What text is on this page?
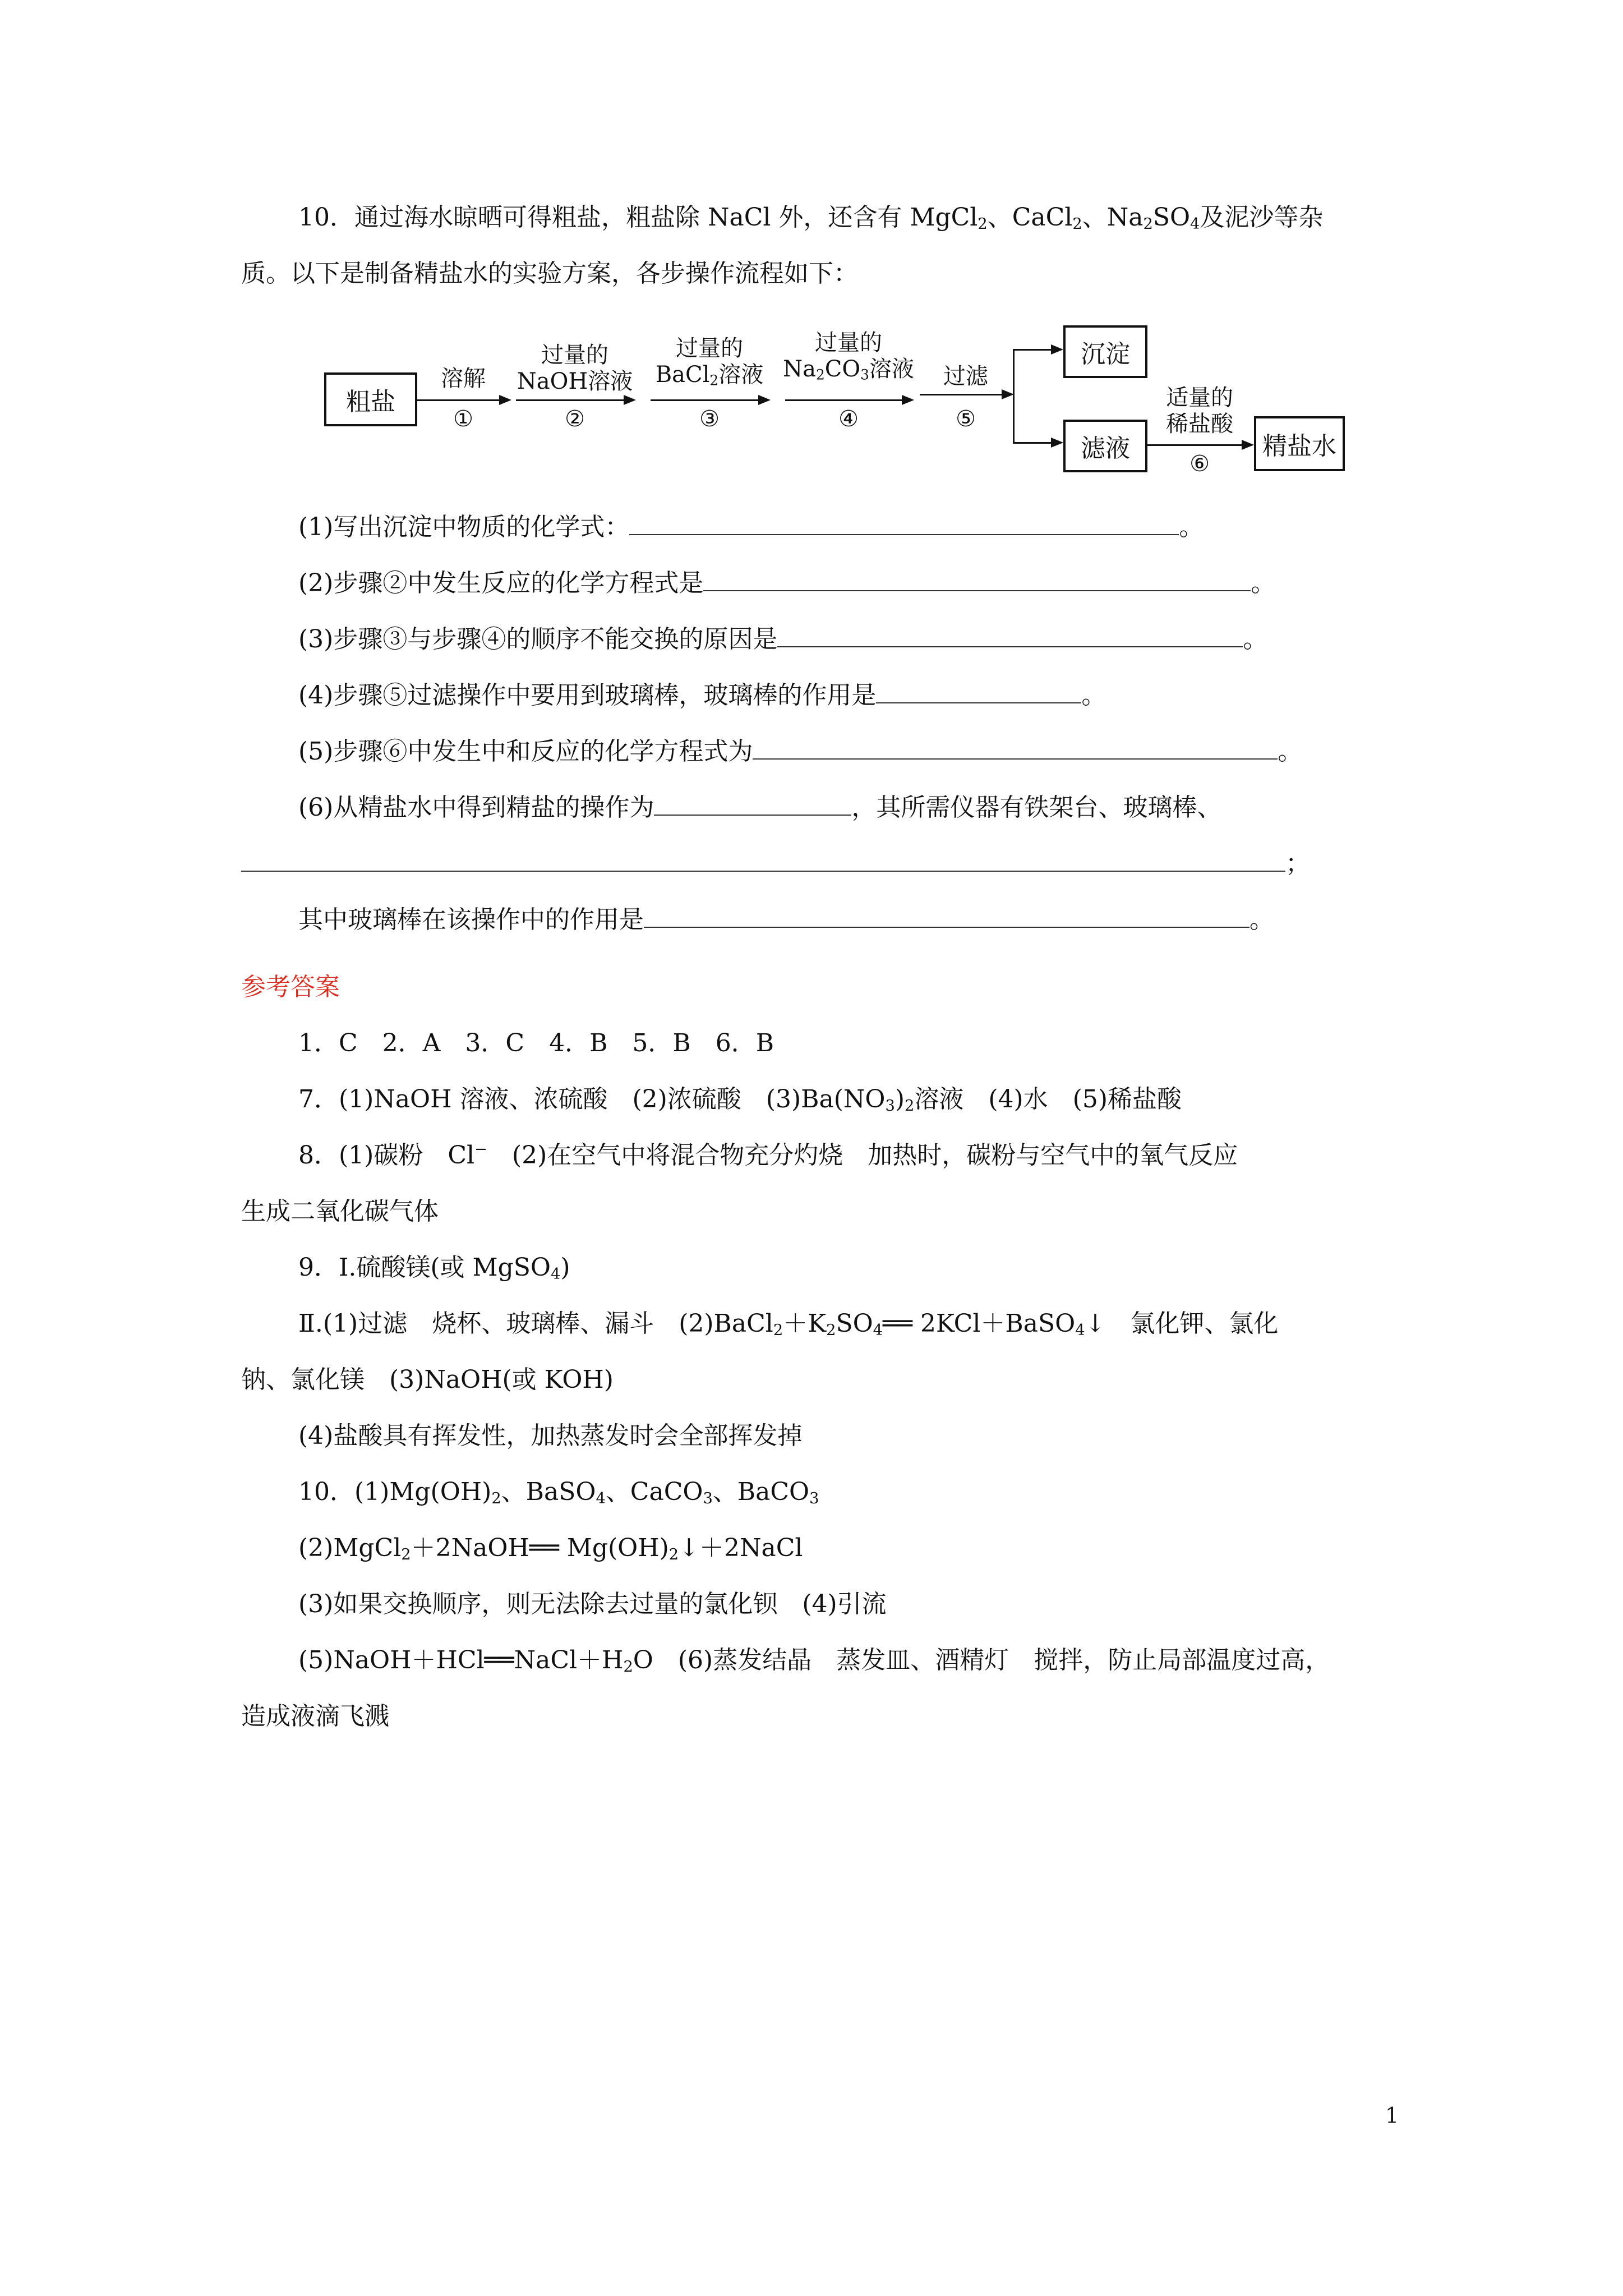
10．通过海水晾晒可得粗盐，粗盐除 NaCl 外，还含有 MgCl$_2$、CaCl$_2$、$Na_2SO_4$及泥沙等杂
质。以下是制备精盐水的实验方案，各步操作流程如下：
粗盐
溶解
①
过量的
NaOH溶液
②
过量的
BaCl$_2$溶液
③
过量的
$Na_2CO_3$溶液
④
过滤
⑤
沉淀
滤液
适量的
稀盐酸
⑥
精盐水
(1)写出沉淀中物质的化学式：	。
(2)步骤②中发生反应的化学方程式是	。
(3)步骤③与步骤④的顺序不能交换的原因是	。
(4)步骤⑤过滤操作中要用到玻璃棒，玻璃棒的作用是	。
(5)步骤⑥中发生中和反应的化学方程式为	。
(6)从精盐水中得到精盐的操作为	，其所需仪器有铁架台、玻璃棒、
；
其中玻璃棒在该操作中的作用是	。
参考答案
1．C　2．A　3．C　4．B　5．B　6．B
7．(1)NaOH 溶液、浓硫酸　(2)浓硫酸　$(3)Ba(NO_3)_2$溶液　(4)水　(5)稀盐酸
8．(1)碳粉　Cl−　(2)在空气中将混合物充分灼烧　加热时，碳粉与空气中的氧气反应
生成二氧化碳气体
9．Ⅰ.硫酸镁(或 MgSO$_4$)
Ⅱ.(1)过滤　烧杯、玻璃棒、漏斗　$(2)BaCl_2+K_2SO_4══$ 2KCl＋BaSO$_4$↓　氯化钾、氯化
钠、氯化镁　(3)NaOH(或 KOH)
(4)盐酸具有挥发性，加热蒸发时会全部挥发掉
10．$(1)Mg(OH)_2$、BaSO$_4$、CaCO$_3$、BaCO$_3$
(2)MgCl$_2$＋2NaOH══ $Mg(OH)_2↓+2NaCl$
(3)如果交换顺序，则无法除去过量的氯化钡　(4)引流
$(5)NaOH+HCl══NaCl+H_2O$　(6)蒸发结晶　蒸发皿、酒精灯　搅拌，防止局部温度过高，
造成液滴飞溅
1
